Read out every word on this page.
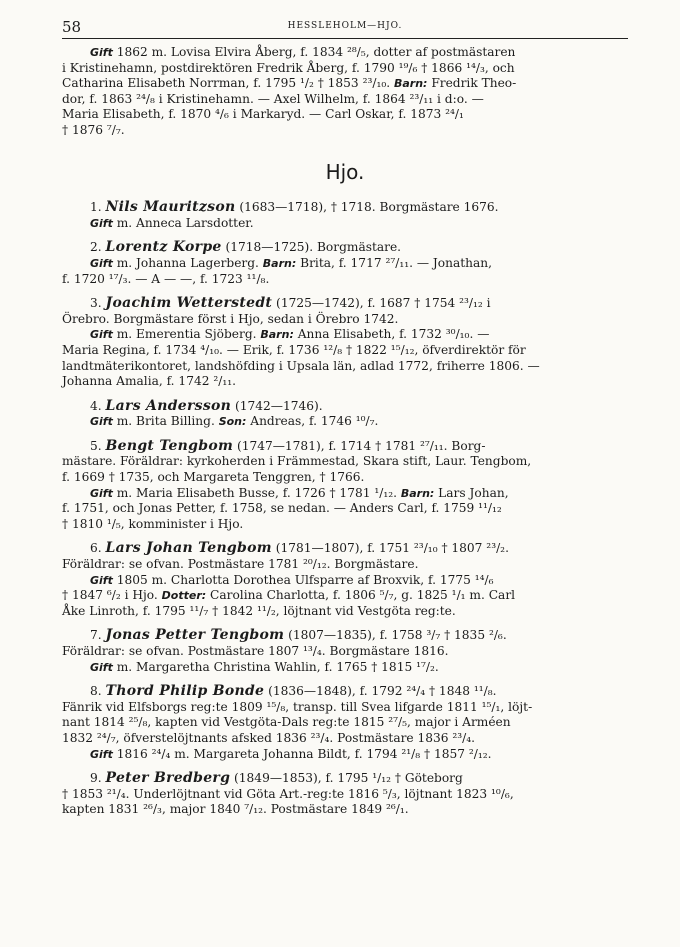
58	HESSLEHOLM—HJO.

Gift 1862 m. Lovisa Elvira Åberg, f. 1834 ²⁸/₅, dotter af postmästaren

i Kristinehamn, postdirektören Fredrik Åberg, f. 1790 ¹⁹/₆ † 1866 ¹⁴/₃, och

Catharina Elisabeth Norrman, f. 1795 ¹/₂ † 1853 ²³/₁₀. Barn: Fredrik Theo-

dor, f. 1863 ²⁴/₈ i Kristinehamn. — Axel Wilhelm, f. 1864 ²³/₁₁ i d:o. —

Maria Elisabeth, f. 1870 ⁴/₆ i Markaryd. — Carl Oskar, f. 1873 ²⁴/₁

† 1876 ⁷/₇.

Hjo.

1. Nils Mauritzson (1683—1718), † 1718. Borgmästare 1676.

Gift m. Anneca Larsdotter.

2. Lorentz Korpe (1718—1725). Borgmästare.

Gift m. Johanna Lagerberg. Barn: Brita, f. 1717 ²⁷/₁₁. — Jonathan,

f. 1720 ¹⁷/₃. — A — —, f. 1723 ¹¹/₈.

3. Joachim Wetterstedt (1725—1742), f. 1687 † 1754 ²³/₁₂ i

Örebro. Borgmästare först i Hjo, sedan i Örebro 1742.

Gift m. Emerentia Sjöberg. Barn: Anna Elisabeth, f. 1732 ³⁰/₁₀. —

Maria Regina, f. 1734 ⁴/₁₀. — Erik, f. 1736 ¹²/₈ † 1822 ¹⁵/₁₂, öfverdirektör för

landtmäterikontoret, landshöfding i Upsala län, adlad 1772, friherre 1806. —

Johanna Amalia, f. 1742 ²/₁₁.

4. Lars Andersson (1742—1746).

Gift m. Brita Billing. Son: Andreas, f. 1746 ¹⁰/₇.

5. Bengt Tengbom (1747—1781), f. 1714 † 1781 ²⁷/₁₁. Borg-

mästare. Föräldrar: kyrkoherden i Främmestad, Skara stift, Laur. Tengbom,

f. 1669 † 1735, och Margareta Tenggren, † 1766.

Gift m. Maria Elisabeth Busse, f. 1726 † 1781 ¹/₁₂. Barn: Lars Johan,

f. 1751, och Jonas Petter, f. 1758, se nedan. — Anders Carl, f. 1759 ¹¹/₁₂

† 1810 ¹/₅, komminister i Hjo.

6. Lars Johan Tengbom (1781—1807), f. 1751 ²³/₁₀ † 1807 ²³/₂.

Föräldrar: se ofvan. Postmästare 1781 ²⁰/₁₂. Borgmästare.

Gift 1805 m. Charlotta Dorothea Ulfsparre af Broxvik, f. 1775 ¹⁴/₆

† 1847 ⁶/₂ i Hjo. Dotter: Carolina Charlotta, f. 1806 ⁵/₇, g. 1825 ¹/₁ m. Carl

Åke Linroth, f. 1795 ¹¹/₇ † 1842 ¹¹/₂, löjtnant vid Vestgöta reg:te.

7. Jonas Petter Tengbom (1807—1835), f. 1758 ³/₇ † 1835 ²/₆.

Föräldrar: se ofvan. Postmästare 1807 ¹³/₄. Borgmästare 1816.

Gift m. Margaretha Christina Wahlin, f. 1765 † 1815 ¹⁷/₂.

8. Thord Philip Bonde (1836—1848), f. 1792 ²⁴/₄ † 1848 ¹¹/₈.

Fänrik vid Elfsborgs reg:te 1809 ¹⁵/₈, transp. till Svea lifgarde 1811 ¹⁵/₁, löjt-

nant 1814 ²⁵/₈, kapten vid Vestgöta-Dals reg:te 1815 ²⁷/₅, major i Arméen

1832 ²⁴/₇, öfverstelöjtnants afsked 1836 ²³/₄. Postmästare 1836 ²³/₄.

Gift 1816 ²⁴/₄ m. Margareta Johanna Bildt, f. 1794 ²¹/₈ † 1857 ²/₁₂.

9. Peter Bredberg (1849—1853), f. 1795 ¹/₁₂ † Göteborg

† 1853 ²¹/₄. Underlöjtnant vid Göta Art.-reg:te 1816 ⁵/₃, löjtnant 1823 ¹⁰/₆,

kapten 1831 ²⁶/₃, major 1840 ⁷/₁₂. Postmästare 1849 ²⁶/₁.
